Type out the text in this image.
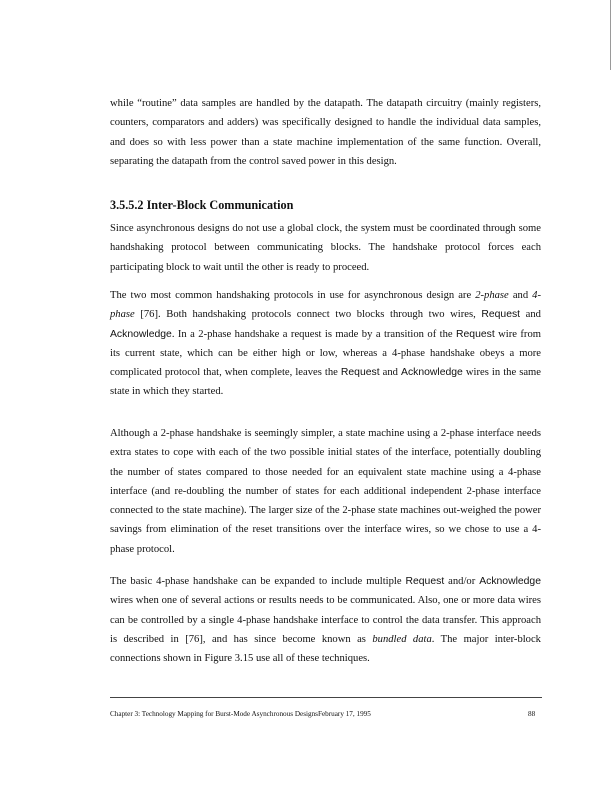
while “routine” data samples are handled by the datapath. The datapath circuitry (mainly registers, counters, comparators and adders) was specifically designed to handle the individual data samples, and does so with less power than a state machine implementation of the same function. Overall, separating the datapath from the control saved power in this design.

3.5.5.2 Inter-Block Communication

Since asynchronous designs do not use a global clock, the system must be coordinated through some handshaking protocol between communicating blocks. The handshake protocol forces each participating block to wait until the other is ready to proceed.

The two most common handshaking protocols in use for asynchronous design are 2-phase and 4-phase [76]. Both handshaking protocols connect two blocks through two wires, Request and Acknowledge. In a 2-phase handshake a request is made by a transition of the Request wire from its current state, which can be either high or low, whereas a 4-phase handshake obeys a more complicated protocol that, when complete, leaves the Request and Acknowledge wires in the same state in which they started.

Although a 2-phase handshake is seemingly simpler, a state machine using a 2-phase interface needs extra states to cope with each of the two possible initial states of the interface, potentially doubling the number of states compared to those needed for an equivalent state machine using a 4-phase interface (and re-doubling the number of states for each additional independent 2-phase interface connected to the state machine). The larger size of the 2-phase state machines out-weighed the power savings from elimination of the reset transitions over the interface wires, so we chose to use a 4-phase protocol.

The basic 4-phase handshake can be expanded to include multiple Request and/or Acknowledge wires when one of several actions or results needs to be communicated. Also, one or more data wires can be controlled by a single 4-phase handshake interface to control the data transfer. This approach is described in [76], and has since become known as bundled data. The major inter-block connections shown in Figure 3.15 use all of these techniques.

Chapter 3: Technology Mapping for Burst-Mode Asynchronous DesignsFebruary 17, 1995	88
